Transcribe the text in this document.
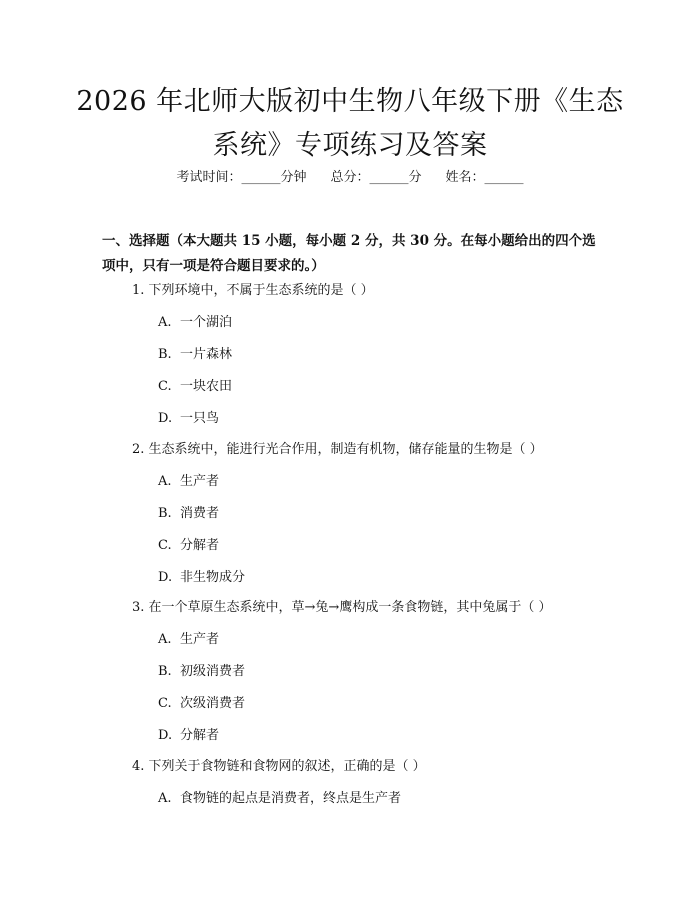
2026 年北师大版初中生物八年级下册《生态
系统》专项练习及答案
考试时间：______分钟 总分：______分 姓名：______
一、选择题（本大题共 15 小题，每小题 2 分，共 30 分。在每小题给出的四个选
项中，只有一项是符合题目要求的。）
1. 下列环境中，不属于生态系统的是（ ）
A. 一个湖泊
B. 一片森林
C. 一块农田
D. 一只鸟
2. 生态系统中，能进行光合作用，制造有机物，储存能量的生物是（ ）
A. 生产者
B. 消费者
C. 分解者
D. 非生物成分
3. 在一个草原生态系统中，草→兔→鹰构成一条食物链，其中兔属于（ ）
A. 生产者
B. 初级消费者
C. 次级消费者
D. 分解者
4. 下列关于食物链和食物网的叙述，正确的是（ ）
A. 食物链的起点是消费者，终点是生产者
